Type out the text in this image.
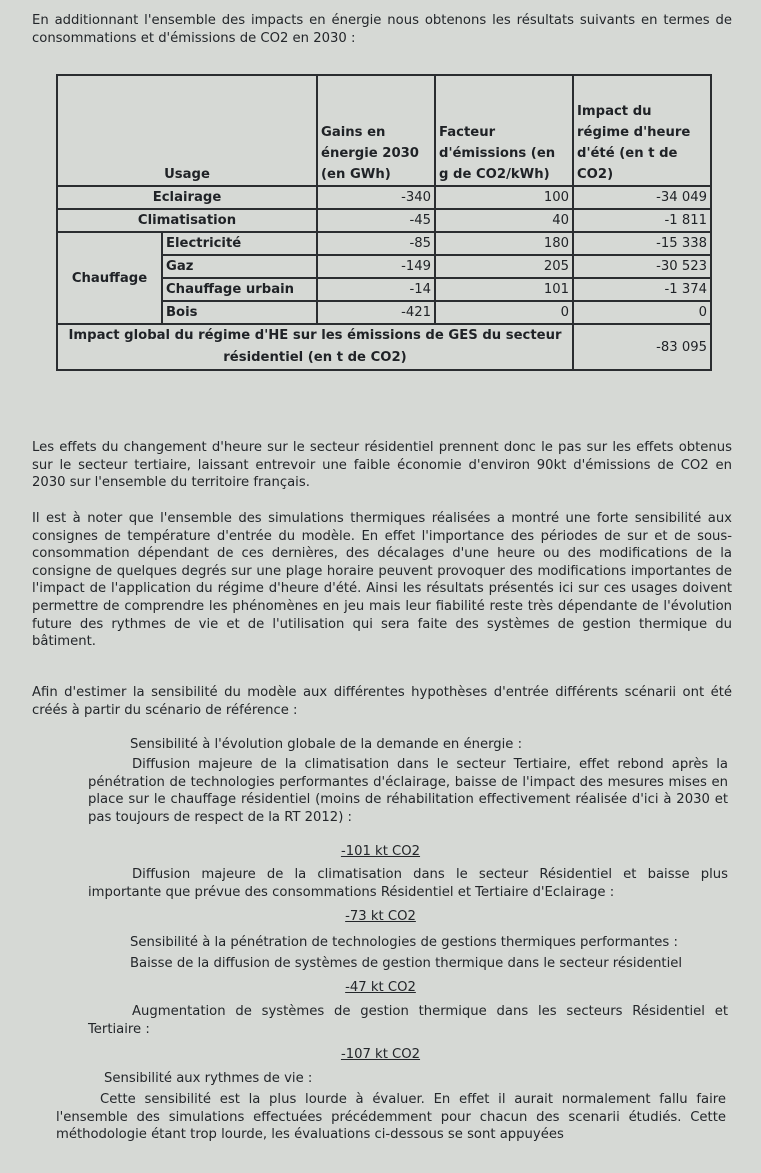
En additionnant l'ensemble des impacts en énergie nous obtenons les résultats suivants en termes de consommations et d'émissions de CO2 en 2030 :

Usage		Gains en énergie 2030 (en GWh)	Facteur d'émissions (en g de CO2/kWh)	Impact du régime d'heure d'été (en t de CO2)
Eclairage		-340	100	-34 049
Climatisation		-45	40	-1 811
Chauffage	Electricité	-85	180	-15 338
	Gaz	-149	205	-30 523
	Chauffage urbain	-14	101	-1 374
	Bois	-421	0	0
Impact global du régime d'HE sur les émissions de GES du secteur résidentiel (en t de CO2)				-83 095

Les effets du changement d'heure sur le secteur résidentiel prennent donc le pas sur les effets obtenus sur le secteur tertiaire, laissant entrevoir une faible économie d'environ 90kt d'émissions de CO2 en 2030 sur l'ensemble du territoire français.

Il est à noter que l'ensemble des simulations thermiques réalisées a montré une forte sensibilité aux consignes de température d'entrée du modèle. En effet l'importance des périodes de sur et de sous-consommation dépendant de ces dernières, des décalages d'une heure ou des modifications de la consigne de quelques degrés sur une plage horaire peuvent provoquer des modifications importantes de l'impact de l'application du régime d'heure d'été. Ainsi les résultats présentés ici sur ces usages doivent permettre de comprendre les phénomènes en jeu mais leur fiabilité reste très dépendante de l'évolution future des rythmes de vie et de l'utilisation qui sera faite des systèmes de gestion thermique du bâtiment.

Afin d'estimer la sensibilité du modèle aux différentes hypothèses d'entrée différents scénarii ont été créés à partir du scénario de référence :

Sensibilité à l'évolution globale de la demande en énergie :

Diffusion majeure de la climatisation dans le secteur Tertiaire, effet rebond après la pénétration de technologies performantes d'éclairage, baisse de l'impact des mesures mises en place sur le chauffage résidentiel (moins de réhabilitation effectivement réalisée d'ici à 2030 et pas toujours de respect de la RT 2012) :

-101 kt CO2

Diffusion majeure de la climatisation dans le secteur Résidentiel et baisse plus importante que prévue des consommations Résidentiel et Tertiaire d'Eclairage :

-73 kt CO2

Sensibilité à la pénétration de technologies de gestions thermiques performantes :

Baisse de la diffusion de systèmes de gestion thermique dans le secteur résidentiel

-47 kt CO2

Augmentation de systèmes de gestion thermique dans les secteurs Résidentiel et Tertiaire :

-107 kt CO2

Sensibilité aux rythmes de vie :

Cette sensibilité est la plus lourde à évaluer. En effet il aurait normalement fallu faire l'ensemble des simulations effectuées précédemment pour chacun des scenarii étudiés. Cette méthodologie étant trop lourde, les évaluations ci-dessous se sont appuyées
